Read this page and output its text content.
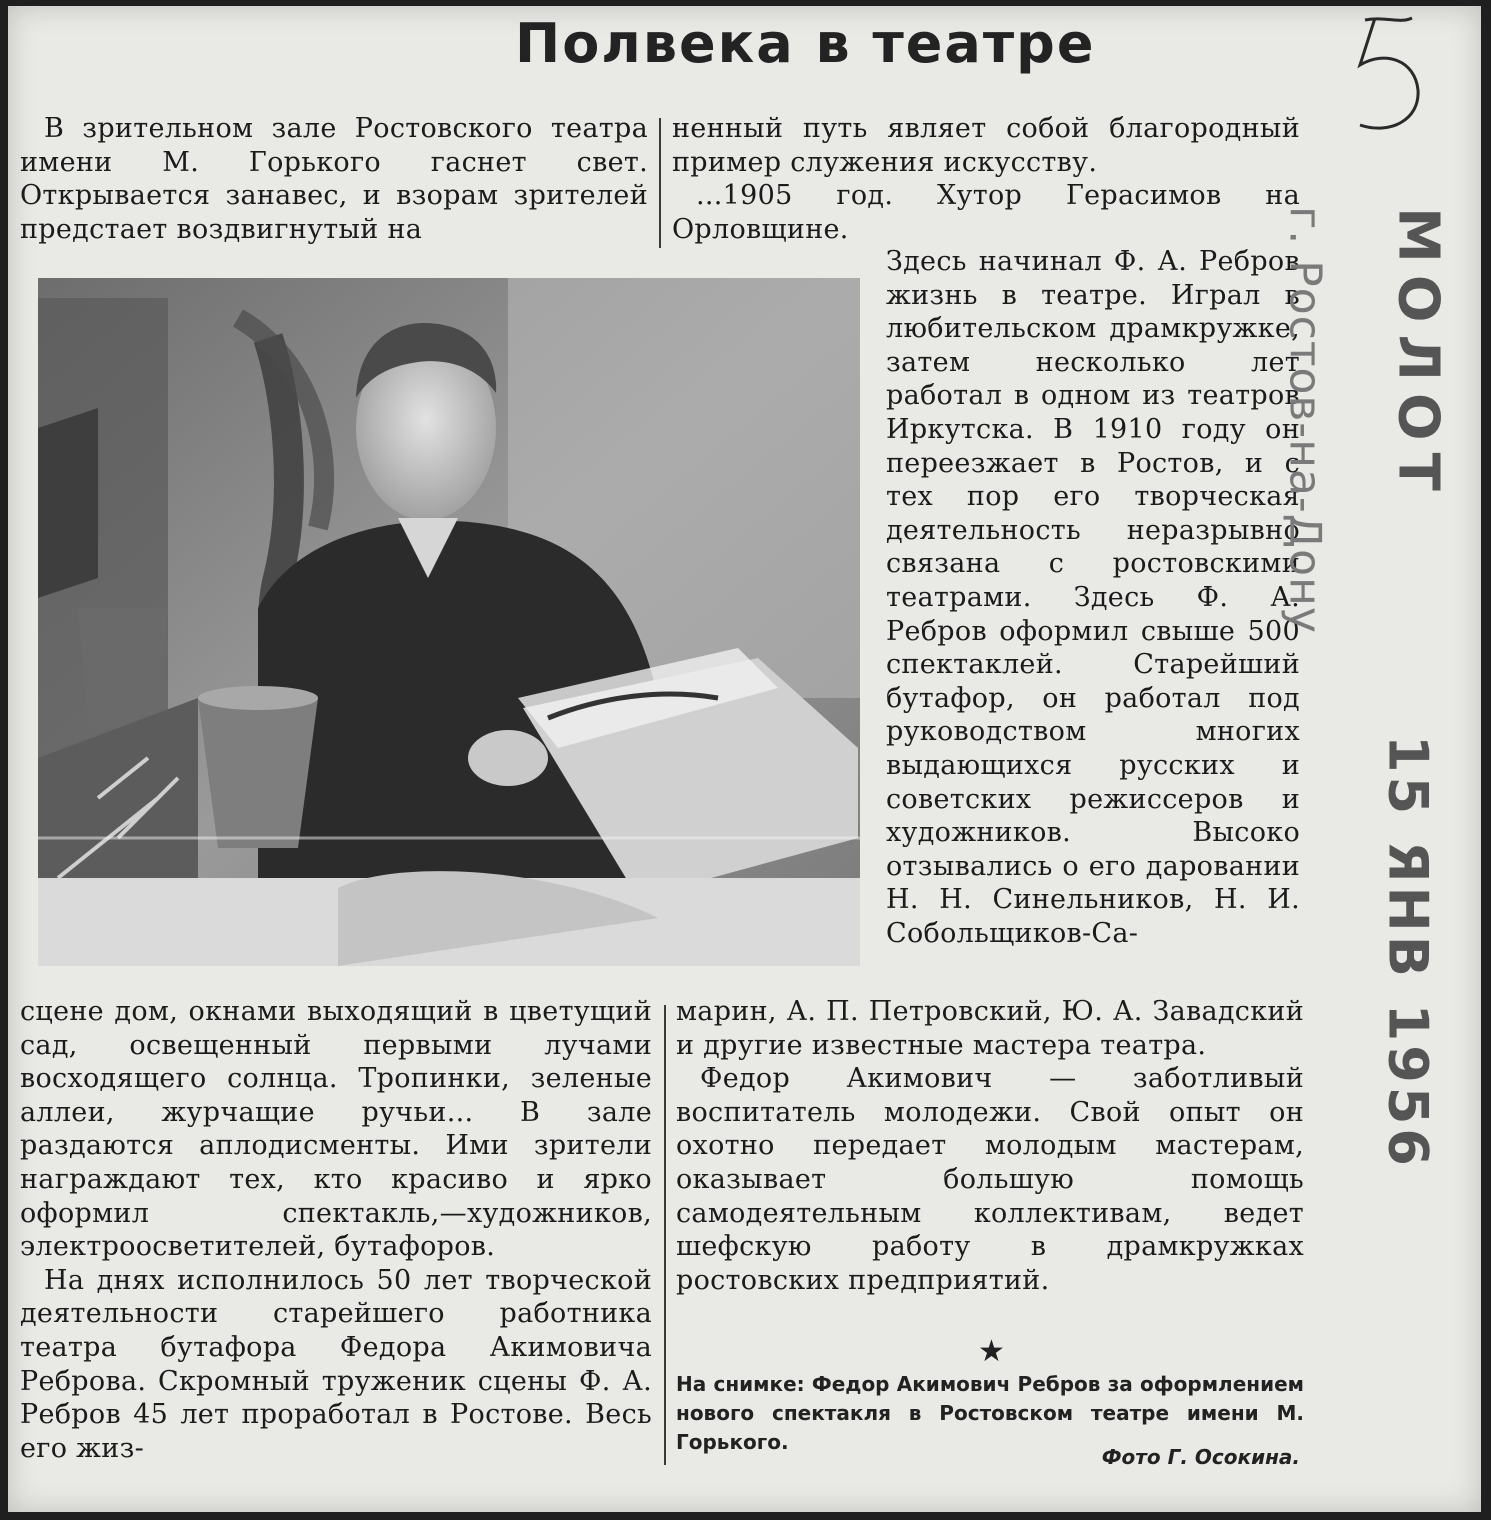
Полвека в театре

В зрительном зале Ростовского театра имени М. Горького гаснет свет. Открывается занавес, и взорам зрителей предстает воздвигнутый на

ненный путь являет собой благородный пример служения искусству.

...1905 год. Хутор Герасимов на Орловщине.

Здесь начинал Ф. А. Ребров жизнь в театре. Играл в любительском драмкружке, затем несколько лет работал в одном из театров Иркутска. В 1910 году он переезжает в Ростов, и с тех пор его творческая деятельность неразрывно связана с ростовскими театрами. Здесь Ф. А. Ребров оформил свыше 500 спектаклей. Старейший бутафор, он работал под руководством многих выдающихся русских и советских режиссеров и художников. Высоко отзывались о его даровании Н. Н. Синельников, Н. И. Собольщиков-Са-

сцене дом, окнами выходящий в цветущий сад, освещенный первыми лучами восходящего солнца. Тропинки, зеленые аллеи, журчащие ручьи... В зале раздаются аплодисменты. Ими зрители награждают тех, кто красиво и ярко оформил спектакль,—художников, электроосветителей, бутафоров.

На днях исполнилось 50 лет творческой деятельности старейшего работника театра бутафора Федора Акимовича Реброва. Скромный труженик сцены Ф. А. Ребров 45 лет проработал в Ростове. Весь его жиз-

марин, А. П. Петровский, Ю. А. Завадский и другие известные мастера театра.

Федор Акимович — заботливый воспитатель молодежи. Свой опыт он охотно передает молодым мастерам, оказывает большую помощь самодеятельным коллективам, ведет шефскую работу в драмкружках ростовских предприятий.

★
На снимке: Федор Акимович Ребров за оформлением нового спектакля в Ростовском театре имени М. Горького.
Фото Г. Осокина.
г. Ростов-на-Дону МОЛОТ
15 ЯНВ 1956
